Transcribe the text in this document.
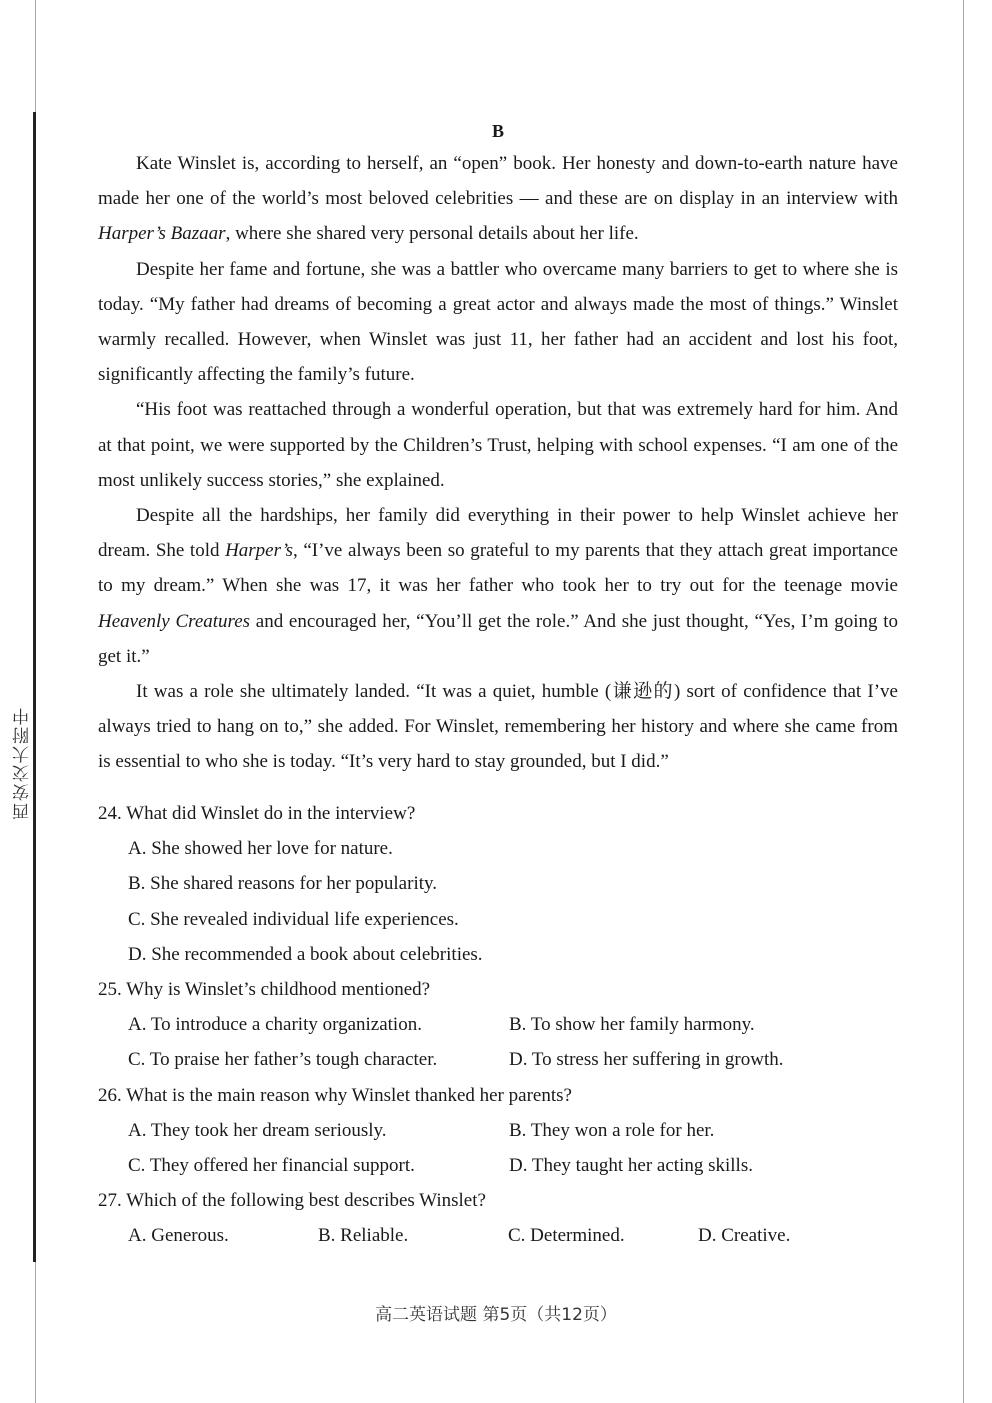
西安交大附中
B

Kate Winslet is, according to herself, an “open” book. Her honesty and down-to-earth nature have made her one of the world’s most beloved celebrities — and these are on display in an interview with Harper’s Bazaar, where she shared very personal details about her life.

Despite her fame and fortune, she was a battler who overcame many barriers to get to where she is today. “My father had dreams of becoming a great actor and always made the most of things.” Winslet warmly recalled. However, when Winslet was just 11, her father had an accident and lost his foot, significantly affecting the family’s future.

“His foot was reattached through a wonderful operation, but that was extremely hard for him. And at that point, we were supported by the Children’s Trust, helping with school expenses. “I am one of the most unlikely success stories,” she explained.

Despite all the hardships, her family did everything in their power to help Winslet achieve her dream. She told Harper’s, “I’ve always been so grateful to my parents that they attach great importance to my dream.” When she was 17, it was her father who took her to try out for the teenage movie Heavenly Creatures and encouraged her, “You’ll get the role.” And she just thought, “Yes, I’m going to get it.”

It was a role she ultimately landed. “It was a quiet, humble (谦逊的) sort of confidence that I’ve always tried to hang on to,” she added. For Winslet, remembering her history and where she came from is essential to who she is today. “It’s very hard to stay grounded, but I did.”

24. What did Winslet do in the interview?
A. She showed her love for nature.
B. She shared reasons for her popularity.
C. She revealed individual life experiences.
D. She recommended a book about celebrities.
25. Why is Winslet’s childhood mentioned?
A. To introduce a charity organization.	B. To show her family harmony.
C. To praise her father’s tough character.	D. To stress her suffering in growth.
26. What is the main reason why Winslet thanked her parents?
A. They took her dream seriously.	B. They won a role for her.
C. They offered her financial support.	D. They taught her acting skills.
27. Which of the following best describes Winslet?
A. Generous.	B. Reliable.	C. Determined.	D. Creative.
高二英语试题 第5页（共12页）
